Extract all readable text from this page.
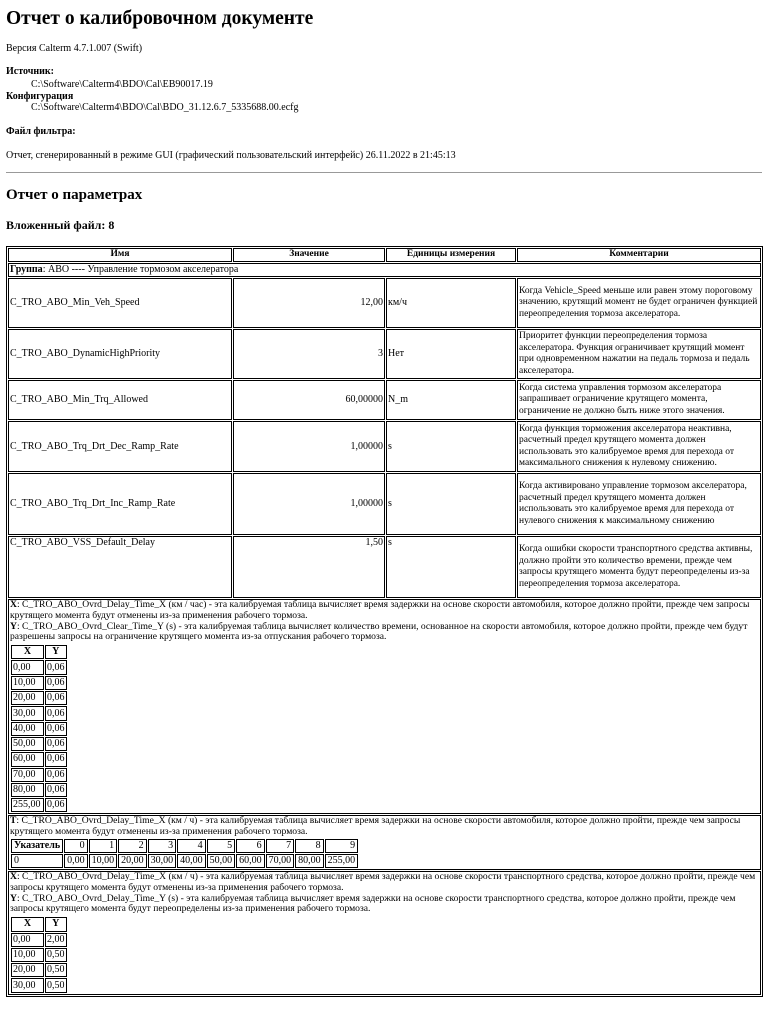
Отчет о калибровочном документе
Версия Calterm 4.7.1.007 (Swift)
Источник:
C:\Software\Calterm4\BDO\Cal\EB90017.19
Конфигурация
C:\Software\Calterm4\BDO\Cal\BDO_31.12.6.7_5335688.00.ecfg
Файл фильтра:
Отчет, сгенерированный в режиме GUI (графический пользовательский интерфейс) 26.11.2022 в 21:45:13
Отчет о параметрах
Вложенный файл: 8
Имя	Значение	Единицы измерения	Комментарии
Группа: ABO ---- Управление тормозом акселератора
C_TRO_ABO_Min_Veh_Speed	12,00	км/ч	Когда Vehicle_Speed меньше или равен этому пороговому значению, крутящий момент не будет ограничен функцией переопределения тормоза акселератора.
C_TRO_ABO_DynamicHighPriority	3	Нет	Приоритет функции переопределения тормоза акселератора. Функция ограничивает крутящий момент при одновременном нажатии на педаль тормоза и педаль акселератора.
C_TRO_ABO_Min_Trq_Allowed	60,00000	N_m	Когда система управления тормозом акселератора запрашивает ограничение крутящего момента, ограничение не должно быть ниже этого значения.
C_TRO_ABO_Trq_Drt_Dec_Ramp_Rate	1,00000	s	Когда функция торможения акселератора неактивна, расчетный предел крутящего момента должен использовать это калибруемое время для перехода от максимального снижения к нулевому снижению.
C_TRO_ABO_Trq_Drt_Inc_Ramp_Rate	1,00000	s	Когда активировано управление тормозом акселератора, расчетный предел крутящего момента должен использовать это калибруемое время для перехода от нулевого снижения к максимальному снижению
C_TRO_ABO_VSS_Default_Delay	1,50	s	Когда ошибки скорости транспортного средства активны, должно пройти это количество времени, прежде чем запросы крутящего момента будут переопределены из-за переопределения тормоза акселератора.

X: C_TRO_ABO_Ovrd_Delay_Time_X (км / час) - эта калибруемая таблица вычисляет время задержки на основе скорости автомобиля, которое должно пройти, прежде чем запросы крутящего момента будут отменены из-за применения рабочего тормоза.

Y: C_TRO_ABO_Ovrd_Clear_Time_Y (s) - эта калибруемая таблица вычисляет количество времени, основанное на скорости автомобиля, которое должно пройти, прежде чем будут разрешены запросы на ограничение крутящего момента из-за отпускания рабочего тормоза.

X	Y
0,00	0,06
10,00	0,06
20,00	0,06
30,00	0,06
40,00	0,06
50,00	0,06
60,00	0,06
70,00	0,06
80,00	0,06
255,00	0,06

T: C_TRO_ABO_Ovrd_Delay_Time_X (км / ч) - эта калибруемая таблица вычисляет время задержки на основе скорости автомобиля, которое должно пройти, прежде чем запросы крутящего момента будут отменены из-за применения рабочего тормоза.

Указатель	0	1	2	3	4	5	6	7	8	9
0	0,00	10,00	20,00	30,00	40,00	50,00	60,00	70,00	80,00	255,00

X: C_TRO_ABO_Ovrd_Delay_Time_X (км / ч) - эта калибруемая таблица вычисляет время задержки на основе скорости транспортного средства, которое должно пройти, прежде чем запросы крутящего момента будут отменены из-за применения рабочего тормоза.

Y: C_TRO_ABO_Ovrd_Delay_Time_Y (s) - эта калибруемая таблица вычисляет время задержки на основе скорости транспортного средства, которое должно пройти, прежде чем запросы крутящего момента будут переопределены из-за применения рабочего тормоза.

X	Y
0,00	2,00
10,00	0,50
20,00	0,50
30,00	0,50
